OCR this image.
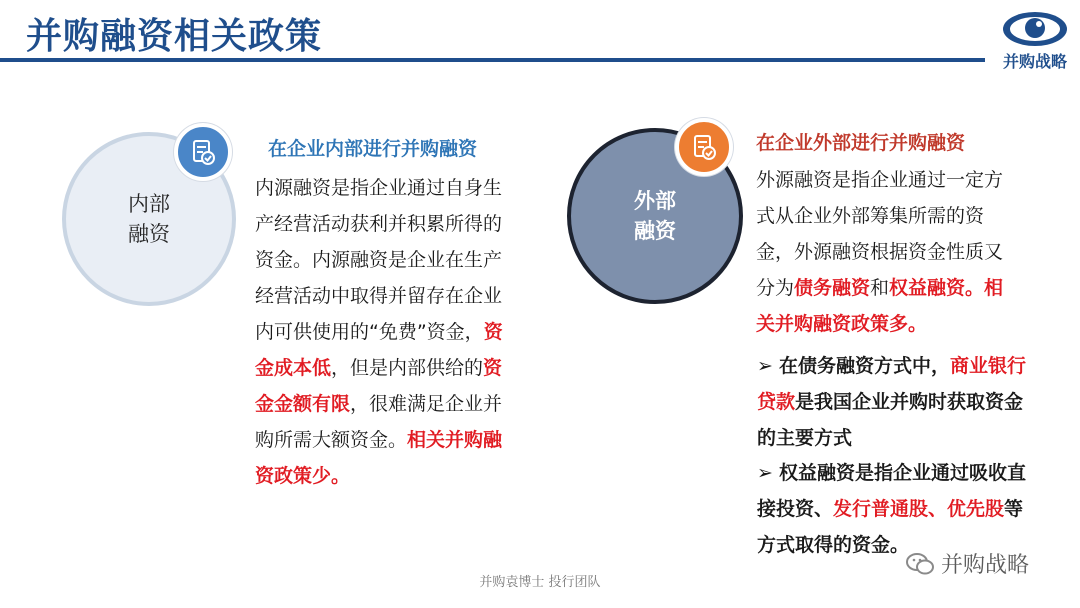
并购融资相关政策
并购战略
内部
融资
在企业内部进行并购融资
内源融资是指企业通过自身生产经营活动获利并积累所得的资金。内源融资是企业在生产经营活动中取得并留存在企业内可供使用的“免费”资金，资金成本低，但是内部供给的资金金额有限，很难满足企业并购所需大额资金。相关并购融资政策少。
外部
融资
在企业外部进行并购融资
外源融资是指企业通过一定方式从企业外部筹集所需的资金，外源融资根据资金性质又分为债务融资和权益融资。相关并购融资政策多。
➢ 在债务融资方式中，商业银行贷款是我国企业并购时获取资金的主要方式
➢ 权益融资是指企业通过吸收直接投资、发行普通股、优先股等方式取得的资金。
并购袁博士 投行团队
并购战略
